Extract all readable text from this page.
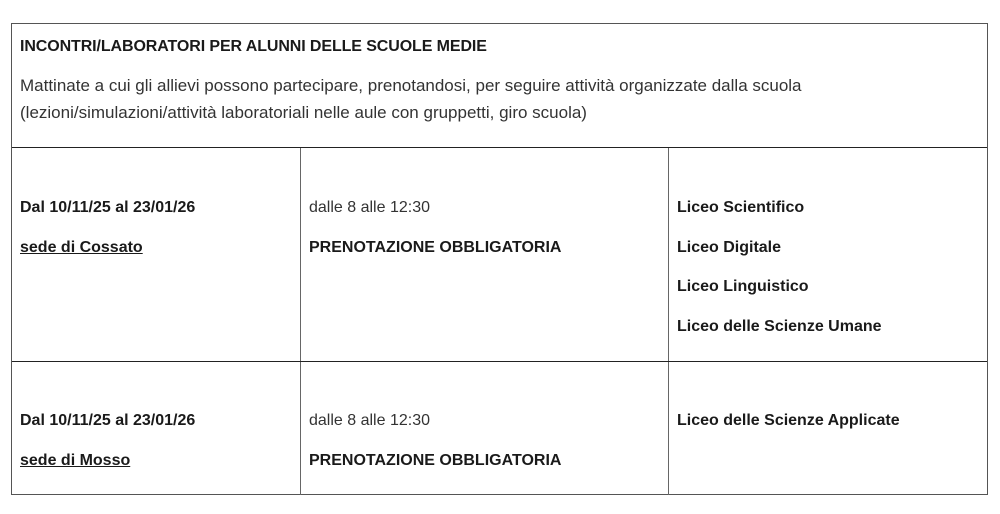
INCONTRI/LABORATORI PER ALUNNI DELLE SCUOLE MEDIE
Mattinate a cui gli allievi possono partecipare, prenotandosi, per seguire attività organizzate dalla scuola (lezioni/simulazioni/attività laboratoriali nelle aule con gruppetti, giro scuola)
Dal 10/11/25 al 23/01/26
sede di Cossato
dalle 8 alle 12:30
PRENOTAZIONE OBBLIGATORIA
Liceo Scientifico
Liceo Digitale
Liceo Linguistico
Liceo delle Scienze Umane
Dal 10/11/25 al 23/01/26
sede di Mosso
dalle 8 alle 12:30
PRENOTAZIONE OBBLIGATORIA
Liceo delle Scienze Applicate
